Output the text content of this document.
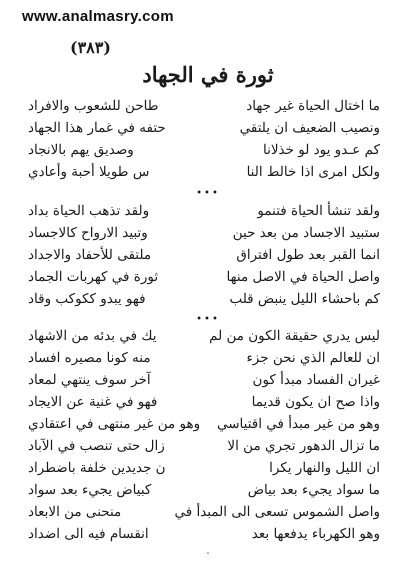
www.analmasry.com
(٣٨٣)
ثورة في الجهاد
ما اختال الحياة غير جهاد
طاحن للشعوب والافراد
ونصيب الضعيف ان يلتقي
حتفه في غمار هذا الجهاد
كم عـدو يود لو خذلانا
وصديق يهم بالانجاد
ولكل امرى اذا خالط النا
س طويلا أحبة وأعادي
•••
ولقد تنشأ الحياة فتنمو
ولقد تذهب الحياة بداد
ستبيد الاجساد من بعد حين
وتبيد الارواح كالاجساد
انما القبر بعد طول افتراق
ملتقى للأحفاد والاجداد
واصل الحياة في الاصل منها
ثورة في كهربات الجماد
كم باحشاء الليل ينبض قلب
فهو يبدو ككوكب وقاد
•••
ليس يدري حقيقة الكون من لم
يك في بدئه من الاشهاد
ان للعالم الذي نحن جزء
منه كونا مصيره افساد
غيران الفساد مبدأ كون
آخر سوف ينتهي لمعاد
واذا صح ان يكون قديما
فهو في غنية عن الايجاد
وهو من غير مبدأ في اقتياسي
وهو من غير منتهى في اعتقادي
ما تزال الدهور تجري من الا
زال حتى تنصب في الآباد
ان الليل والنهار يكرا
ن جديدين خلفة باضطراد
ما سواد يجيء بعد بياض
كبياض يجيء بعد سواد
واصل الشموس تسعى الى المبدأ في
منحنى من الابعاد
وهو الكهرباء يدفعها بعد
انقسام فيه الى اضداد
-
